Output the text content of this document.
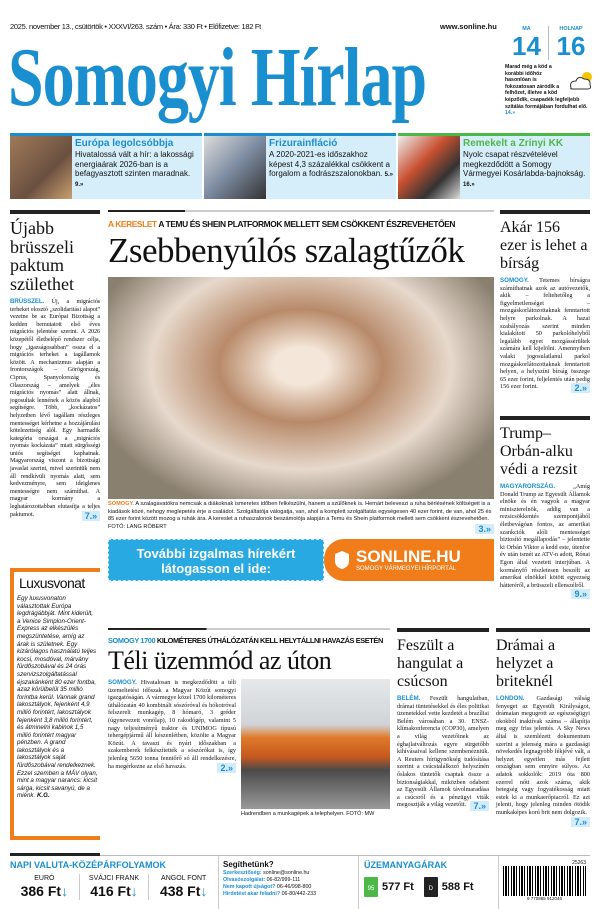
2025. november 13., csütörtök • XXXVI/263. szám • Ára: 330 Ft • Előfizetve: 182 Ft	www.sonline.hu
Somogyi Hírlap
MA
14
HOLNAP
16
Marad még a köd a korábbi időhöz hasonlóan is fokozatosan záródik a felhőzet, illetve a köd képződik, csapadék legfeljebb szitálás formájában fordulhat elő. 14.»
Európa legolcsóbbja
Hivatalossá vált a hír: a lakossági energiaárak 2026-ban is a befagyasztott szinten maradnak. 9.»
Frizurainfláció
A 2020-2021-es időszakhoz képest 4,3 százalékkal csökkent a forgalom a fodrászszalonokban. 5.»
Remekelt a Zrínyi KK
Nyolc csapat részvételével megkezdődött a Somogy Vármegyei Kosárlabda-bajnokság. 16.»
Újabb brüsszeli paktum születhet
BRÜSSZEL. Új, a migrációs terheket elosztó „szolidaritási alapot” vezetne be az Európai Bizottság a kedden bemutatott első éves migrációs jelentése szerint. A 2026 közepétől életbelépő rendszer célja, hogy „igazságosabban” ossza el a migrációs terheket a tagállamok között. A mechanizmus alapján a frontországok – Görögország, Ciprus, Spanyolország és Olaszország – amelyek „éles migrációs nyomás” alatt állnak, jogosultak lennének a közös alapból segítségre. Több, „kockázatos” helyzetben lévő tagállam részleges mentességet kérhetne a hozzájárulási kötelezettség alól. Egy harmadik kategória országai a „migrációs nyomás kockázata” miatt sürgősségi uniós segítséget kaphatnak. Magyarország viszont a bizottsági javaslat szerint, mivel szerintük nem áll rendkívüli nyomás alatt, sem kedvezményre, sem ideiglenes mentességre nem számíthat. A magyar kormány a leghatározottabban elutasítja a teljes paktumot.	7.»
A KERESLET A TEMU ÉS SHEIN PLATFORMOK MELLETT SEM CSÖKKENT ÉSZREVEHETŐEN
Zsebbenyúlós szalagtűzők
SOMOGY. A szalagavatókra nemcsak a diákoknak ismeretes időben felkészülni, hanem a szülőknek is. Hemárt beleveszi a ruha bérlésének költségeit is a kiadások közé, nehogy meglepetés érje a családot. Szolgáltatója válogatja, van, ahol a komplett szolgáltatás egységesen 40 ezer forint, de van, ahol 25 és 85 ezer forint között mozog a ruhák ára. A kereslet a ruhaszalonok beszámolója alapján a Temu és Shein platformok mellett sem csökkent észrevehetően. FOTÓ: LANG RÓBERT	3.»
További izgalmas hírekért látogasson el ide:
SONLINE.HU
SOMOGY VÁRMEGYEI HÍRPORTÁL
Akár 156 ezer is lehet a bírság
SOMOGY. Tetemes bírságra számíthatnak azok az autóvezetők, akik – feltehetőleg a figyelmetlenséget – mozgáskorlátozottaknak fenntartott helyre parkolnak. A hazai szabályozás szerint minden kialakított 50 parkolóhelyből legalább egyet mozgássérültek számára kell kijelölni. Amennyiben valaki jogosulatlanul parkol mozgáskorlátozottaknak fenntartott helyen, a helyszíni bírság összege 65 ezer forint, feljelentés után pedig 156 ezer forint.	2.»
Trump–Orbán-alku védi a rezsit
MAGYARORSZÁG.	„Amíg Donald Trump az Egyesült Államok elnöke és én vagyok a magyar miniszterelnök, addig van a rezsicsökkentés szempontjából életbevágóan fontos, az amerikai szankciók alóli mentességet biztosító megállapodás” – jelentette ki Orbán Viktor a kedd este, útenfor év után ismét az ATV-n adott, Rónai Egon által vezetett interjúban. A kormányfő részletesen beszélt az amerikai elnökkel kötött egyezség hátteréről, a brüsszeli ellenszélről.
9.»
Luxusvonat
Egy luxusvonaton választottak Európa legdrágábbját. Mint kiderült, a Venice Simplon-Orient-Express az elkészülés megszüntetése, amíg az árak is születnek. Egy kizárólagos használatú teljes kocsi, mosdóval, márvány fürdőszobával és 24 órás szervizszolgáltatással éjszakánként 80 ezer fontba, azaz körülbelül 35 millió forintba kerül. Vannak grand lakosztályok, fejenként 4,9 millió forintért, lakosztályok fejenként 3,8 millió forintért, és átminelni kabinok 1,5 millió forintért magyar pénzben. A grand lakosztályok és a lakosztályok saját fürdőszobával rendelkeznek. Ezzel szemben a MÁV olyan, mint a magyar narancs: kicsit sárga, kicsit savanyú, de a miénk. K.G.
SOMOGY 1700 KILOMÉTERES ÚTHÁLÓZATÁN KELL HELYTÁLLNI HAVAZÁS ESETÉN
Téli üzemmód az úton
SOMOGY. Hivatalosan is megkezdődött a téli üzemeltetési időszak a Magyar Közút somogyi igazgatóságán. A vármegye közel 1700 kilométeres úthálózatán 40 kombinált sószóróval és hókotróval felszerelt munkagép, 8 hómaró, 3 gréder (úgynevezett vonólap), 10 rakodógép, valamint 5 nagy teljesítményű traktor és UNIMOG típusú tehergépjármű áll készenlétben, közölte a Magyar Közút. A tavaszi és nyári időszakban a szakemberek felkészítették a sószórókat is, így jelenleg 5650 tonna fenntőrő só áll rendelkezésre, ha megérkezne az első havazás.	2.»
Hadrendben a munkagépek a telephelyen. FOTÓ: MW
Feszült a hangulat a csúcson
BELÉM. Feszült hangulatban, drámai tüntetésekkel és éles politikai üzenetekkel vette kezdetét a brazíliai Belém városában a 30. ENSZ-klímakonferencia (COP30), amelyen a világ vezetőinek az éghajlatváltozás egyre sürgetőbb kihívásaival kellene szembenézniük. A Reuters hírügynökség tudósítása szerint a csúcstalálkozó helyszínén őslakos tüntetők csaptak össze a biztonságiakkal, miközben odabent az Egyesült Államok távolmaradása a csúcsról és a pénzügyi viták megosztják a világ vezetőit. 7.»
Drámai a helyzet a briteknél
LONDON. Gazdasági válság fenyeget az Egyesült Királyságot, drámaian megugrott az egészségügyi okokból inaktívak száma – állapítja meg egy friss jelentés. A Sky News által is szemlézett dokumentum szerint a jelenség mára a gazdasági növekedés legnagyobb fékjévé vált, a helyzet egyetlen más fejlett országban sem ennyire súlyos. Az adatok sokkolók: 2019 óta 800 ezerrel nőtt azok száma, akik betegség vagy fogyatékosság miatt estek ki a munkaerőpiacról. Ez azt jelenti, hogy jelenleg minden ötödik munkaképes korú brit nem dolgozik.
7.»
NAPI VALUTA-KÖZÉPÁRFOLYAMOK
EURÓ
386 Ft↓
SVÁJCI FRANK
416 Ft↓
ANGOL FONT
438 Ft↓
Segíthetünk?
Szerkesztőség: sonline@sonline.hu
Olvasószolgálat: 06-82/999-111
Nem kapott újságot? 06-46/998-800
Hirdetést akar feladni? 06-80/442-233
ÜZEMANYAGÁRAK
95 577 Ft	D 588 Ft
25263
9 770865 912046
